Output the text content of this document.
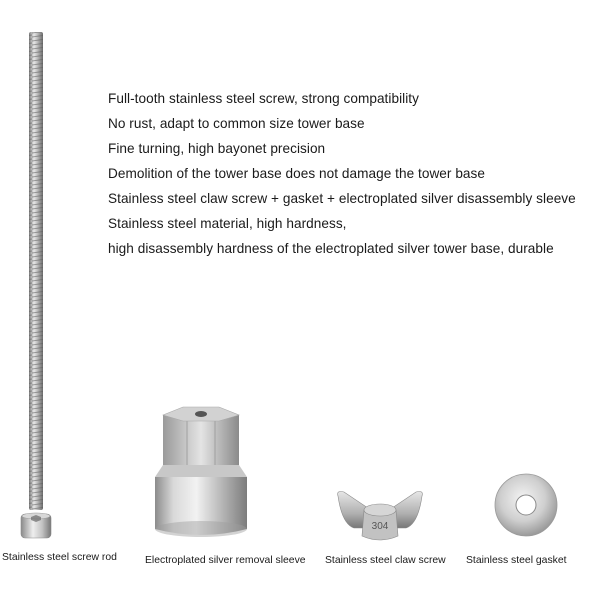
Full-tooth stainless steel screw, strong compatibility
No rust, adapt to common size tower base
Fine turning, high bayonet precision
Demolition of the tower base does not damage the tower base
Stainless steel claw screw + gasket + electroplated silver disassembly sleeve
Stainless steel material, high hardness,
high disassembly hardness of the electroplated silver tower base, durable
Stainless steel screw rod	Electroplated silver removal sleeve
304
Stainless steel claw screw Stainless steel gasket
